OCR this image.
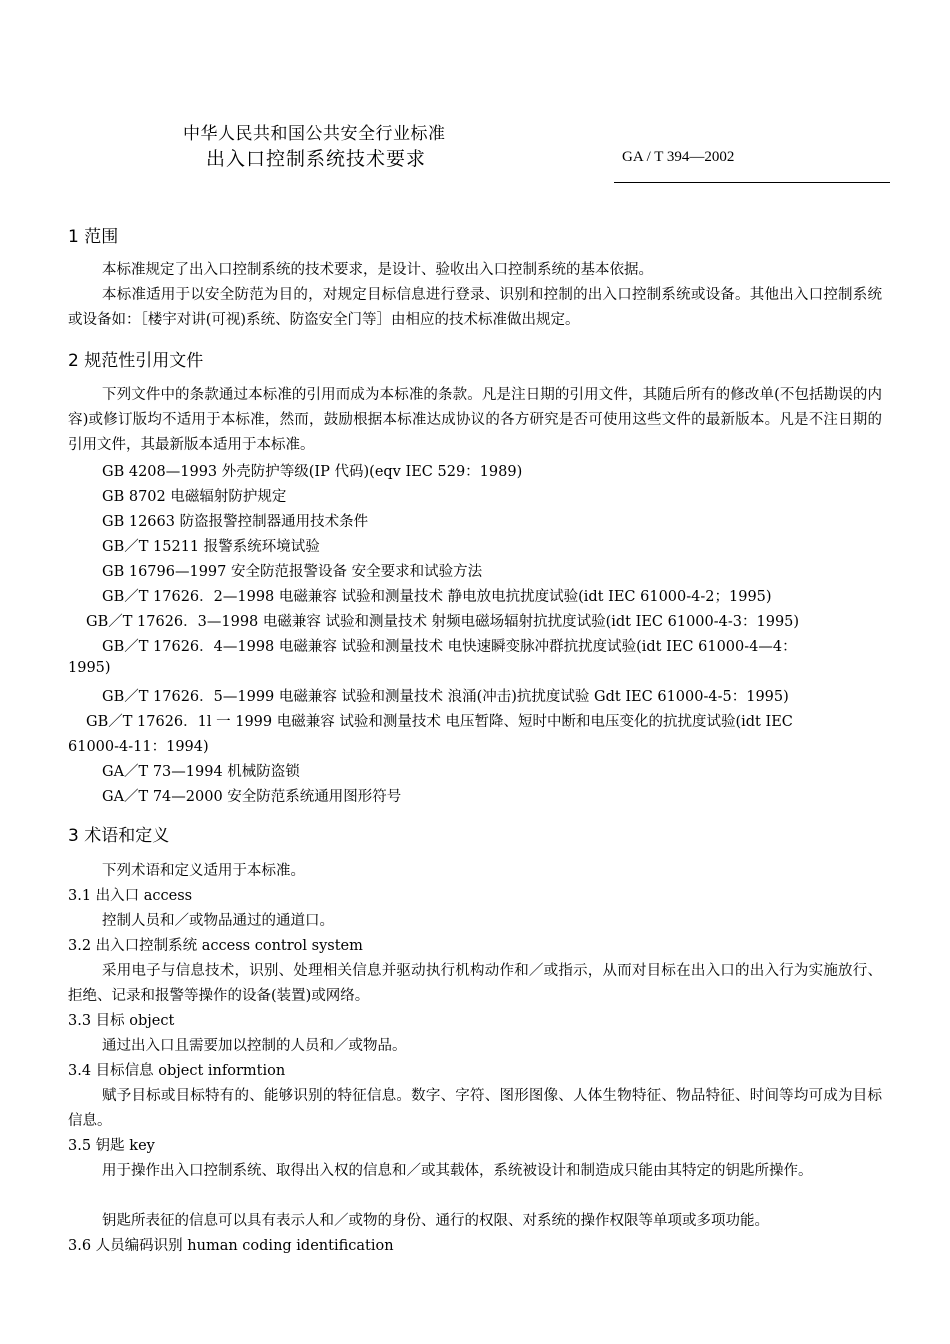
中华人民共和国公共安全行业标准
出入口控制系统技术要求	GA / T 394—2002
1 范围
本标准规定了出入口控制系统的技术要求，是设计、验收出入口控制系统的基本依据。
本标准适用于以安全防范为目的，对规定目标信息进行登录、识别和控制的出入口控制系统或设备。其他出入口控制系统或设备如：［楼宇对讲(可视)系统、防盗安全门等］由相应的技术标准做出规定。
2 规范性引用文件
下列文件中的条款通过本标准的引用而成为本标准的条款。凡是注日期的引用文件，其随后所有的修改单(不包括勘误的内容)或修订版均不适用于本标准，然而，鼓励根据本标准达成协议的各方研究是否可使用这些文件的最新版本。凡是不注日期的引用文件，其最新版本适用于本标准。
GB 4208—1993 外壳防护等级(IP 代码)(eqv IEC 529：1989)
GB 8702 电磁辐射防护规定
GB 12663 防盗报警控制器通用技术条件
GB／T 15211 报警系统环境试验
GB 16796—1997 安全防范报警设备 安全要求和试验方法
GB／T 17626．2—1998 电磁兼容 试验和测量技术 静电放电抗扰度试验(idt IEC 61000-4-2；1995)
GB／T 17626．3—1998 电磁兼容 试验和测量技术 射频电磁场辐射抗扰度试验(idt IEC 61000-4-3：1995)
GB／T 17626．4—1998 电磁兼容 试验和测量技术 电快速瞬变脉冲群抗扰度试验(idt IEC 61000-4—4：
1995)
GB／T 17626．5—1999 电磁兼容 试验和测量技术 浪涌(冲击)抗扰度试验 Gdt IEC 61000-4-5：1995)
GB／T 17626．1l 一 1999 电磁兼容 试验和测量技术 电压暂降、短时中断和电压变化的抗扰度试验(idt IEC
61000-4-11：1994)
GA／T 73—1994 机械防盗锁
GA／T 74—2000 安全防范系统通用图形符号
3 术语和定义
下列术语和定义适用于本标准。
3.1 出入口 access
控制人员和／或物品通过的通道口。
3.2 出入口控制系统 access control system
采用电子与信息技术，识别、处理相关信息并驱动执行机构动作和／或指示，从而对目标在出入口的出入行为实施放行、拒绝、记录和报警等操作的设备(装置)或网络。
3.3 目标 object
通过出入口且需要加以控制的人员和／或物品。
3.4 目标信息 object informtion
赋予目标或目标特有的、能够识别的特征信息。数字、字符、图形图像、人体生物特征、物品特征、时间等均可成为目标信息。
3.5 钥匙 key
用于操作出入口控制系统、取得出入权的信息和／或其载体，系统被设计和制造成只能由其特定的钥匙所操作。
钥匙所表征的信息可以具有表示人和／或物的身份、通行的权限、对系统的操作权限等单项或多项功能。
3.6 人员编码识别 human coding identification
